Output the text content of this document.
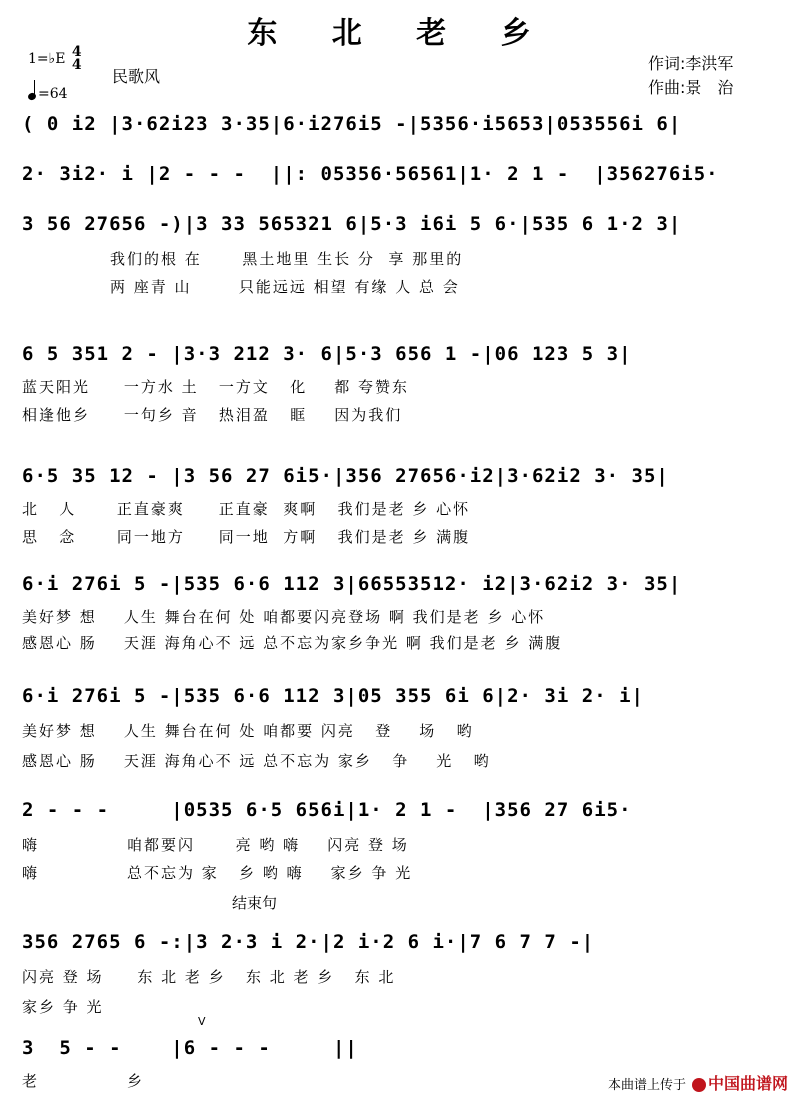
东 北 老 乡
1=♭E 4
4
=64
民歌风
作词:李洪军
作曲:景　治
( 0 i2 |3·62i23 3·35|6·i276i5 -|5356·i5653|053556i 6|
2· 3i2· i |2 - - -  ||: 05356·56561|1· 2 1 -  |356276i5·
3 56 27656 -)|3 33 565321 6|5·3 i6i 5 6·|535 6 1·2 3|
我们的根 在      黑土地里 生长 分  享 那里的
两 座青 山       只能远远 相望 有缘 人 总 会
6 5 351 2 - |3·3 212 3· 6|5·3 656 1 -|06 123 5 3|
蓝天阳光     一方水 土   一方文   化    都 夸赞东
相逢他乡     一句乡 音   热泪盈   眶    因为我们
6·5 35 12 - |3 56 27 6i5·|356 27656·i2|3·62i2 3· 35|
北   人      正直豪爽     正直豪  爽啊   我们是老 乡 心怀
思   念      同一地方     同一地  方啊   我们是老 乡 满腹
6·i 276i 5 -|535 6·6 112 3|66553512· i2|3·62i2 3· 35|
美好梦 想    人生 舞台在何 处 咱都要闪亮登场 啊 我们是老 乡 心怀
感恩心 肠    天涯 海角心不 远 总不忘为家乡争光 啊 我们是老 乡 满腹
6·i 276i 5 -|535 6·6 112 3|05 355 6i 6|2· 3i 2· i|
美好梦 想    人生 舞台在何 处 咱都要 闪亮   登    场   哟
感恩心 肠    天涯 海角心不 远 总不忘为 家乡   争    光   哟
2 - - -     |0535 6·5 656i|1· 2 1 -  |356 27 6i5·
嗨             咱都要闪      亮 哟 嗨    闪亮 登 场
嗨             总不忘为 家   乡 哟 嗨    家乡 争 光
结束句
356 2765 6 -:|3 2·3 i 2·|2 i·2 6 i·|7 6 7 7 -|
闪亮 登 场     东 北 老 乡   东 北 老 乡   东 北
家乡 争 光
V
3  5 - -    |6 - - -     ||
老             乡	本曲谱上传于	中国曲谱网
